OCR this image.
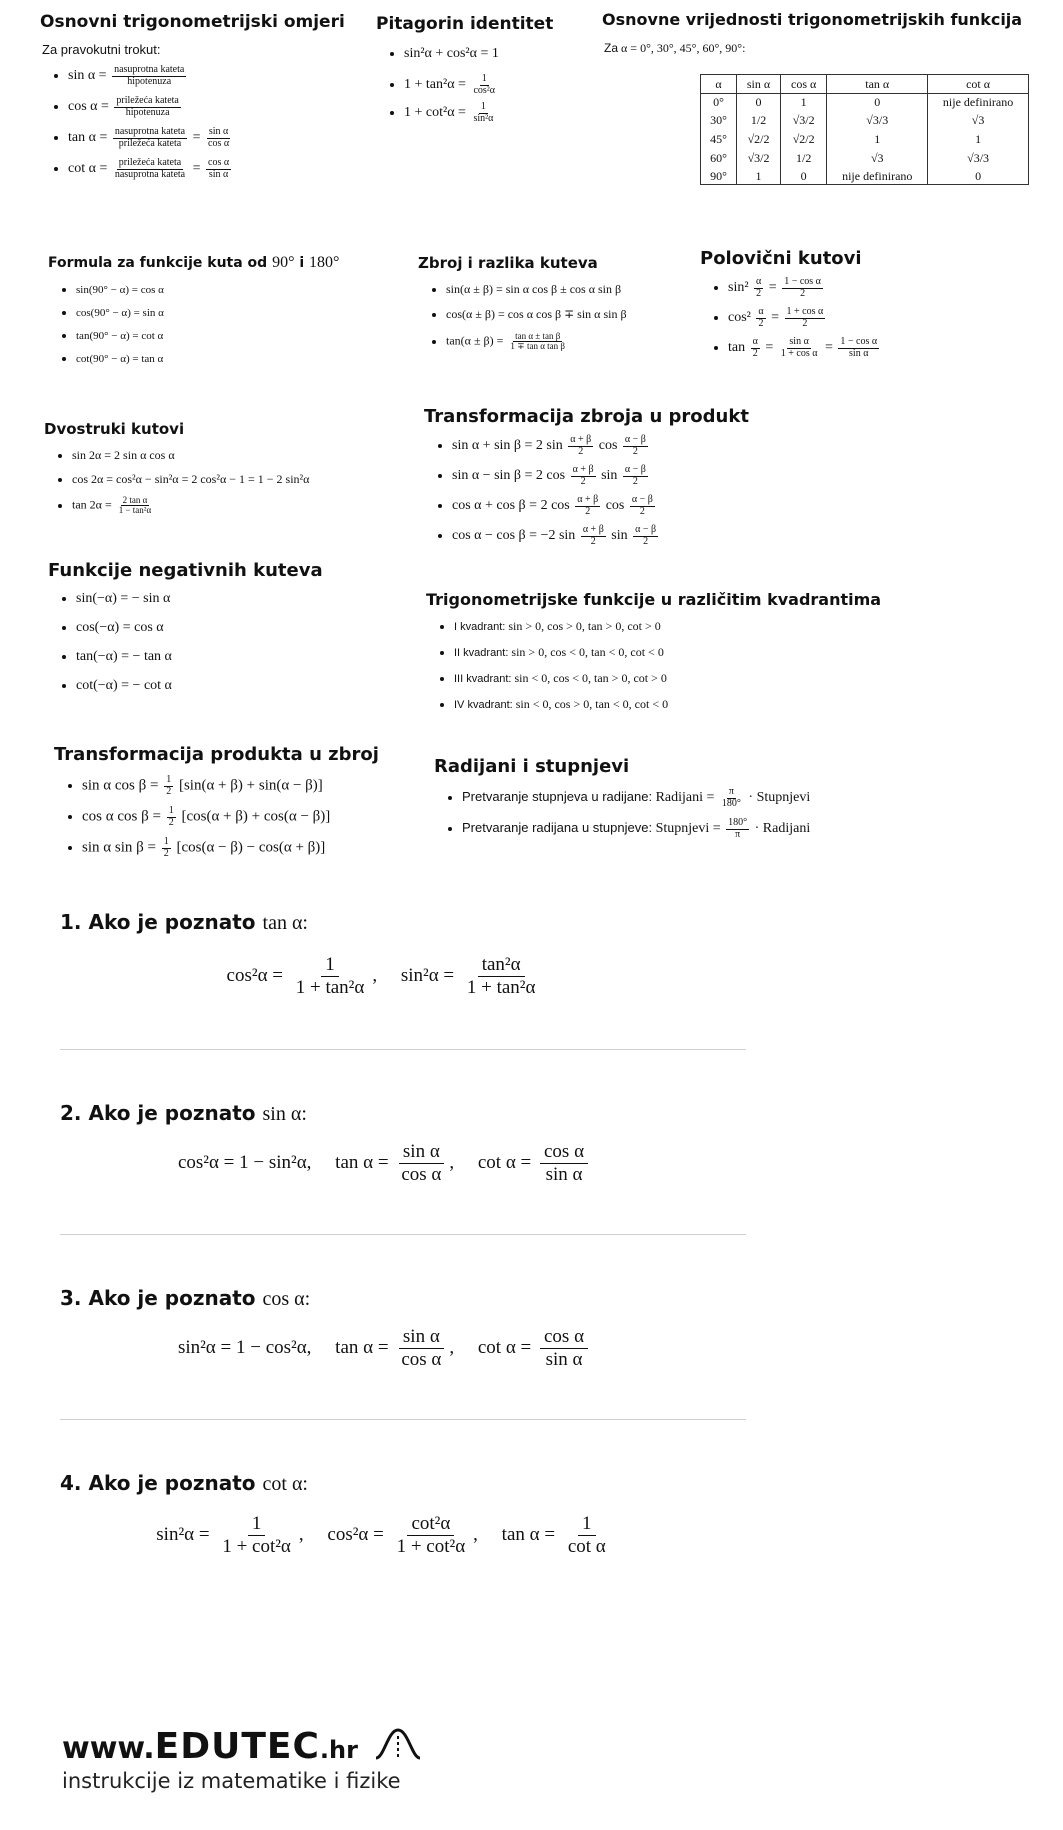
Osnovni trigonometrijski omjeri
Za pravokutni trokut:
• $\sin \alpha = \frac{\text{nasuprotna kateta}}{\text{hipotenuza}}$
• $\cos \alpha = \frac{\text{priležeća kateta}}{\text{hipotenuza}}$
• $\tan \alpha = \frac{\text{nasuprotna kateta}}{\text{priležeća kateta}} = \frac{\text{sin α}}{\text{cos α}}$
• $\cot \alpha = \frac{\text{priležeća kateta}}{\text{nasuprotna kateta}} = \frac{\text{cos α}}{\text{sin α}}$
Pitagorin identitet
• sin²α + cos²α = 1
• $1 + \tan^2\alpha = \frac{1}{\text{cos²α}}$
• $1 + \cot^2\alpha = \frac{1}{\text{sin²α}}$
Osnovne vrijednosti trigonometrijskih funkcija
Za α = 0°, 30°, 45°, 60°, 90°:
α	sin α	cos α	tan α	cot α
0°	0	1	0	nije definirano
30°	1/2	√3/2	√3/3	√3
45°	√2/2	√2/2	1	1
60°	√3/2	1/2	√3	√3/3
90°	1	0	nije definirano	0
Formula za funkcije kuta od 90° i 180°
• sin(90° − α) = cos α
• cos(90° − α) = sin α
• tan(90° − α) = cot α
• cot(90° − α) = tan α
Zbroj i razlika kuteva
• sin(α ± β) = sin α cos β ± cos α sin β
• cos(α ± β) = cos α cos β ∓ sin α sin β
• $\tan(\alpha \pm \beta) = \frac{\text{tan α ± tan β}}{\text{1 ∓ tan α tan β}}$
Polovični kutovi
• $\sin^2 \frac{\alpha}{2} = \frac{\text{1 − cos α}}{2}$
• $\cos^2 \frac{\alpha}{2} = \frac{\text{1 + cos α}}{2}$
• $\tan \frac{\alpha}{2} = \frac{\text{sin α}}{\text{1 + cos α}} = \frac{\text{1 − cos α}}{\text{sin α}}$
Dvostruki kutovi
• sin 2α = 2 sin α cos α
• cos 2α = cos²α − sin²α = 2 cos²α − 1 = 1 − 2 sin²α
• $\tan 2\alpha = \frac{\text{2 tan α}}{\text{1 − tan²α}}$
Transformacija zbroja u produkt
• sin α + sin β = 2 $\sin \frac{\alpha + \beta}{2}$ $\cos \frac{\alpha - \beta}{2}$
• sin α − sin β = 2 $\cos \frac{\alpha + \beta}{2}$ $\sin \frac{\alpha - \beta}{2}$
• cos α + cos β = 2 $\cos \frac{\alpha + \beta}{2}$ $\cos \frac{\alpha - \beta}{2}$
• cos α − cos β = −2 $\sin \frac{\alpha + \beta}{2}$ $\sin \frac{\alpha - \beta}{2}$
Funkcije negativnih kuteva
• sin(−α) = − sin α
• cos(−α) = cos α
• tan(−α) = − tan α
• cot(−α) = − cot α
Trigonometrijske funkcije u različitim kvadrantima
• I kvadrant: sin > 0, cos > 0, tan > 0, cot > 0
• II kvadrant: sin > 0, cos < 0, tan < 0, cot < 0
• III kvadrant: sin < 0, cos < 0, tan > 0, cot > 0
• IV kvadrant: sin < 0, cos > 0, tan < 0, cot < 0
Transformacija produkta u zbroj
• sin α $\cos \beta = \frac{1}{2} [\sin(\alpha + \beta) + \sin(\alpha - \beta)]$
• cos α $\cos \beta = \frac{1}{2} [\cos(\alpha + \beta) + \cos(\alpha - \beta)]$
• sin α $\sin \beta = \frac{1}{2} [\cos(\alpha - \beta) - \cos(\alpha + \beta)]$
Radijani i stupnjevi
• Pretvaranje stupnjeva u radijane: Radijani = $\frac{\pi}{180^\circ}$ · Stupnjevi
• Pretvaranje radijana u stupnjeve: Stupnjevi = $\frac{180^\circ}{\pi}$ · Radijani
1. Ako je poznato tan α:
$\cos^2\alpha = \frac{1}{\text{1 + tan²α}}$ , $\sin^2\alpha = \frac{\text{tan²α}}{\text{1 + tan²α}}$
2. Ako je poznato sin α:
cos²α = 1 − sin²α, $\tan \alpha = \frac{\text{sin α}}{\text{cos α}}$ , $\cot \alpha = \frac{\text{cos α}}{\text{sin α}}$
3. Ako je poznato cos α:
sin²α = 1 − cos²α, $\tan \alpha = \frac{\text{sin α}}{\text{cos α}}$ , $\cot \alpha = \frac{\text{cos α}}{\text{sin α}}$
4. Ako je poznato cot α:
$\sin^2\alpha = \frac{1}{\text{1 + cot²α}}$ , $\cos^2\alpha = \frac{\text{cot²α}}{\text{1 + cot²α}}$ , $\tan \alpha = \frac{1}{\text{cot α}}$
www.EDUTEC.hr
instrukcije iz matematike i fizike
